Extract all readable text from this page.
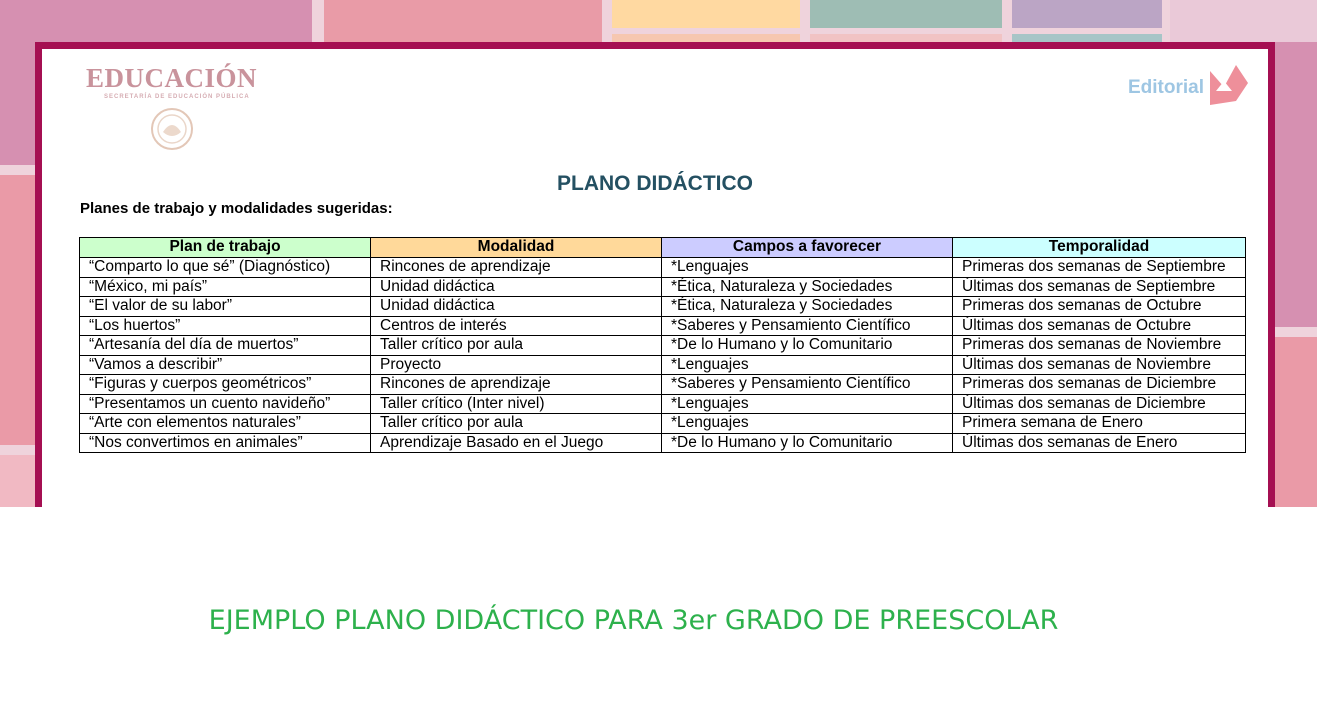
EDUCACIÓN
SECRETARÍA DE EDUCACIÓN PÚBLICA	Editorial
PLANO DIDÁCTICO
Planes de trabajo y modalidades sugeridas:
Plan de trabajo	Modalidad	Campos a favorecer	Temporalidad
“Comparto lo que sé” (Diagnóstico)	Rincones de aprendizaje	*Lenguajes	Primeras dos semanas de Septiembre
“México, mi país”	Unidad didáctica	*Ética, Naturaleza y Sociedades	Últimas dos semanas de Septiembre
“El valor de su labor”	Unidad didáctica	*Ética, Naturaleza y Sociedades	Primeras dos semanas de Octubre
“Los huertos”	Centros de interés	*Saberes y Pensamiento Científico	Últimas dos semanas de Octubre
“Artesanía del día de muertos”	Taller crítico por aula	*De lo Humano y lo Comunitario	Primeras dos semanas de Noviembre
“Vamos a describir”	Proyecto	*Lenguajes	Últimas dos semanas de Noviembre
“Figuras y cuerpos geométricos”	Rincones de aprendizaje	*Saberes y Pensamiento Científico	Primeras dos semanas de Diciembre
“Presentamos un cuento navideño”	Taller crítico (Inter nivel)	*Lenguajes	Últimas dos semanas de Diciembre
“Arte con elementos naturales”	Taller crítico por aula	*Lenguajes	Primera semana de Enero
“Nos convertimos en animales”	Aprendizaje Basado en el Juego	*De lo Humano y lo Comunitario	Últimas dos semanas de Enero
EJEMPLO PLANO DIDÁCTICO PARA 3er GRADO DE PREESCOLAR
